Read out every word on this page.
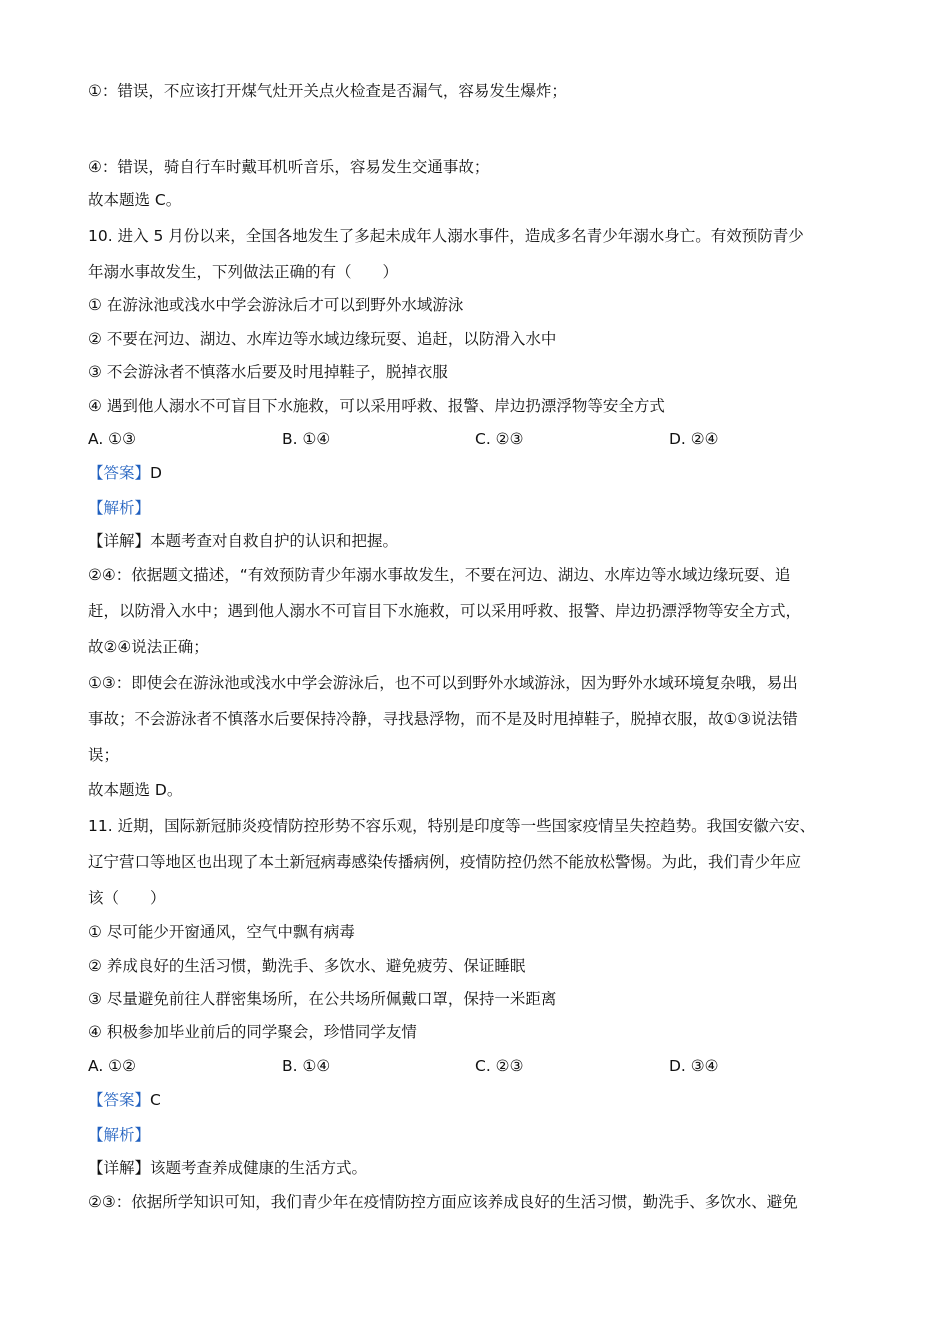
①：错误，不应该打开煤气灶开关点火检查是否漏气，容易发生爆炸；
④：错误，骑自行车时戴耳机听音乐，容易发生交通事故；
故本题选 C。
10. 进入 5 月份以来，全国各地发生了多起未成年人溺水事件，造成多名青少年溺水身亡。有效预防青少
年溺水事故发生，下列做法正确的有（　　）
① 在游泳池或浅水中学会游泳后才可以到野外水域游泳
② 不要在河边、湖边、水库边等水域边缘玩耍、追赶，以防滑入水中
③ 不会游泳者不慎落水后要及时甩掉鞋子，脱掉衣服
④ 遇到他人溺水不可盲目下水施救，可以采用呼救、报警、岸边扔漂浮物等安全方式
A. ①③	B. ①④	C. ②③	D. ②④
【答案】D
【解析】
【详解】本题考查对自救自护的认识和把握。
②④：依据题文描述，“有效预防青少年溺水事故发生，不要在河边、湖边、水库边等水域边缘玩耍、追
赶，以防滑入水中；遇到他人溺水不可盲目下水施救，可以采用呼救、报警、岸边扔漂浮物等安全方式，
故②④说法正确；
①③：即使会在游泳池或浅水中学会游泳后，也不可以到野外水域游泳，因为野外水域环境复杂哦，易出
事故；不会游泳者不慎落水后要保持冷静，寻找悬浮物，而不是及时甩掉鞋子，脱掉衣服，故①③说法错
误；
故本题选 D。
11. 近期，国际新冠肺炎疫情防控形势不容乐观，特别是印度等一些国家疫情呈失控趋势。我国安徽六安、
辽宁营口等地区也出现了本土新冠病毒感染传播病例，疫情防控仍然不能放松警惕。为此，我们青少年应
该（　　）
① 尽可能少开窗通风，空气中飘有病毒
② 养成良好的生活习惯，勤洗手、多饮水、避免疲劳、保证睡眠
③ 尽量避免前往人群密集场所，在公共场所佩戴口罩，保持一米距离
④ 积极参加毕业前后的同学聚会，珍惜同学友情
A. ①②	B. ①④	C. ②③	D. ③④
【答案】C
【解析】
【详解】该题考查养成健康的生活方式。
②③：依据所学知识可知，我们青少年在疫情防控方面应该养成良好的生活习惯，勤洗手、多饮水、避免
